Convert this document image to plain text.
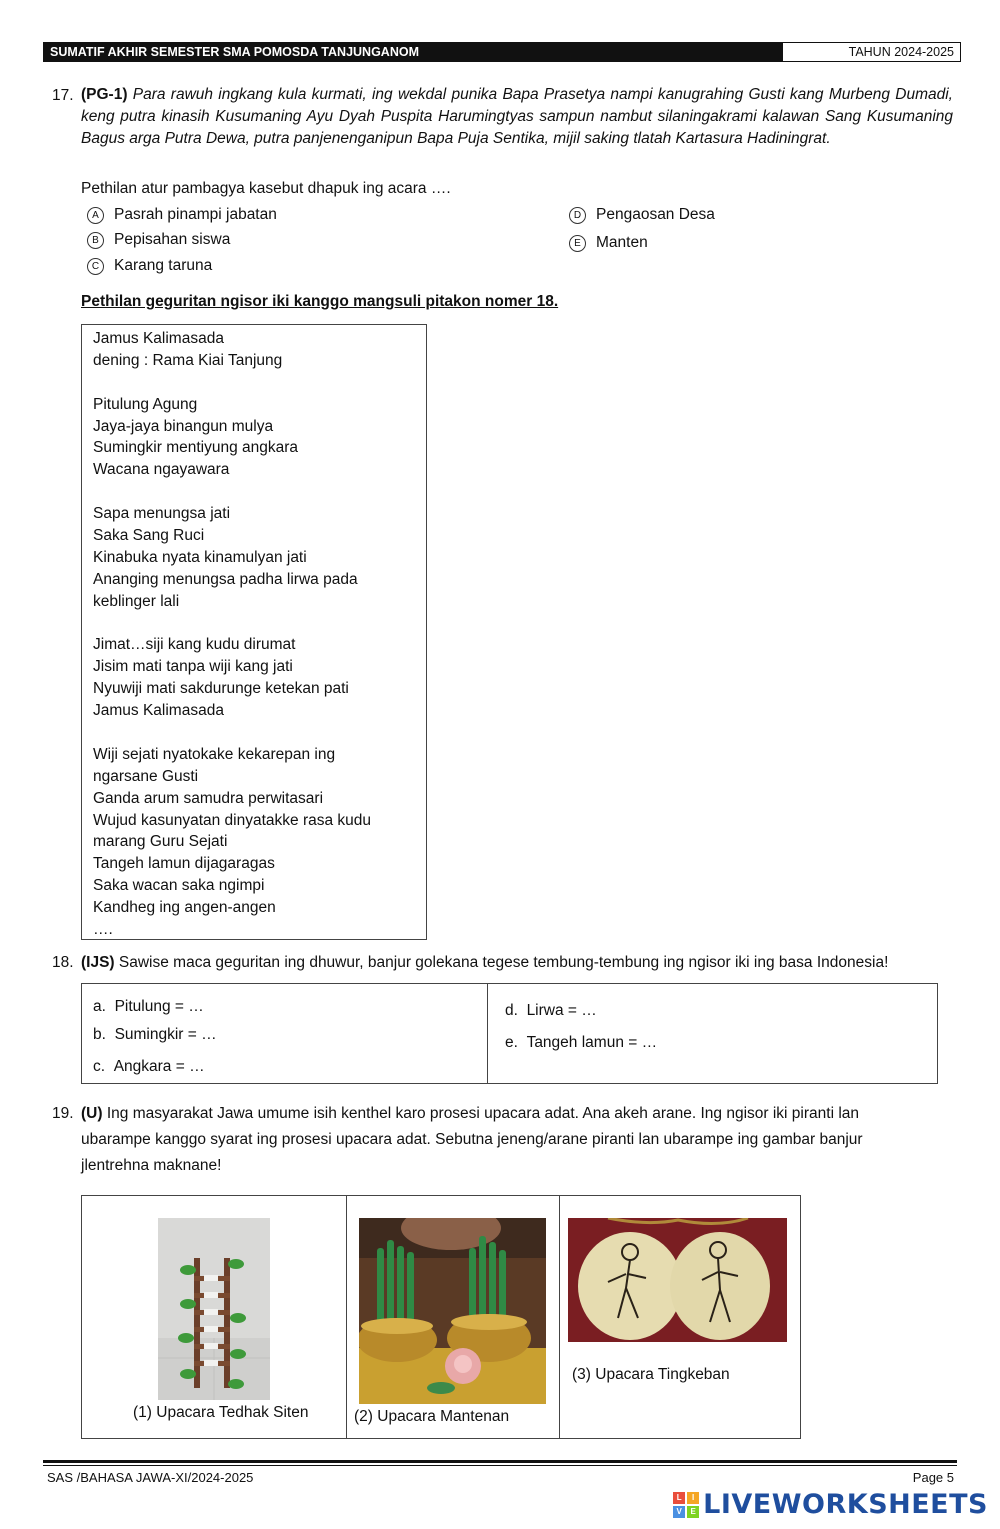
SUMATIF AKHIR SEMESTER SMA POMOSDA TANJUNGANOM	TAHUN 2024-2025
17. (PG-1) Para rawuh ingkang kula kurmati, ing wekdal punika Bapa Prasetya nampi kanugrahing Gusti kang Murbeng Dumadi, keng putra kinasih Kusumaning Ayu Dyah Puspita Harumingtyas sampun nambut silaningakrami kalawan Sang Kusumaning Bagus arga Putra Dewa, putra panjenenganipun Bapa Puja Sentika, mijil saking tlatah Kartasura Hadiningrat.
Pethilan atur pambagya kasebut dhapuk ing acara ….
A Pasrah pinampi jabatan
B Pepisahan siswa
C Karang taruna
D Pengaosan Desa
E Manten
Pethilan geguritan ngisor iki kanggo mangsuli pitakon nomer 18.
Jamus Kalimasada
dening : Rama Kiai Tanjung
Pitulung Agung
Jaya-jaya binangun mulya
Sumingkir mentiyung angkara
Wacana ngayawara
Sapa menungsa jati
Saka Sang Ruci
Kinabuka nyata kinamulyan jati
Ananging menungsa padha lirwa pada
keblinger lali
Jimat…siji kang kudu dirumat
Jisim mati tanpa wiji kang jati
Nyuwiji mati sakdurunge ketekan pati
Jamus Kalimasada
Wiji sejati nyatokake kekarepan ing
ngarsane Gusti
Ganda arum samudra perwitasari
Wujud kasunyatan dinyatakke rasa kudu
marang Guru Sejati
Tangeh lamun dijagaragas
Saka wacan saka ngimpi
Kandheg ing angen-angen
….
18. (IJS) Sawise maca geguritan ing dhuwur, banjur golekana tegese tembung-tembung ing ngisor iki ing basa Indonesia!
a. Pitulung = …
b. Sumingkir = …
c. Angkara = …
d. Lirwa = …
e. Tangeh lamun = …
19. (U) Ing masyarakat Jawa umume isih kenthel karo prosesi upacara adat. Ana akeh arane. Ing ngisor iki piranti lan ubarampe kanggo syarat ing prosesi upacara adat. Sebutna jeneng/arane piranti lan ubarampe ing gambar banjur jlentrehna maknane!
(1) Upacara Tedhak Siten	(2) Upacara Mantenan
(3) Upacara Tingkeban
SAS /BAHASA JAWA-XI/2024-2025	Page 5
L	I
V	E LIVEWORKSHEETS
